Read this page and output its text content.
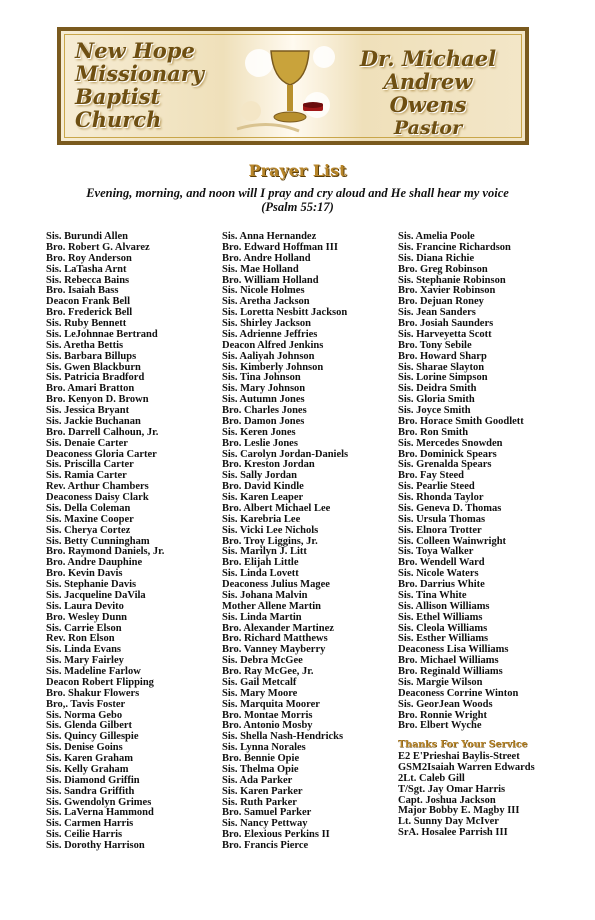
New Hope
Missionary
Baptist
Church
Dr. Michael
Andrew Owens
Pastor
Prayer List
Evening, morning, and noon will I pray and cry aloud and He shall hear my voice
(Psalm 55:17)
Sis. Burundi Allen
Bro. Robert G. Alvarez
Bro. Roy Anderson
Sis. LaTasha Arnt
Sis. Rebecca Bains
Bro. Isaiah Bass
Deacon Frank Bell
Bro. Frederick Bell
Sis. Ruby Bennett
Sis. LeJohnnae Bertrand
Sis. Aretha Bettis
Sis. Barbara Billups
Sis. Gwen Blackburn
Sis. Patricia Bradford
Bro. Amari Bratton
Bro. Kenyon D. Brown
Sis. Jessica Bryant
Sis. Jackie Buchanan
Bro. Darrell Calhoun, Jr.
Sis. Denaie Carter
Deaconess Gloria Carter
Sis. Priscilla Carter
Sis. Ramia Carter
Rev. Arthur Chambers
Deaconess Daisy Clark
Sis. Della Coleman
Sis. Maxine Cooper
Sis. Cherya Cortez
Sis. Betty Cunningham
Bro. Raymond Daniels, Jr.
Bro. Andre Dauphine
Bro. Kevin Davis
Sis. Stephanie Davis
Sis. Jacqueline DaVila
Sis. Laura Devito
Bro. Wesley Dunn
Sis. Carrie Elson
Rev. Ron Elson
Sis. Linda Evans
Sis. Mary Fairley
Sis. Madeline Farlow
Deacon Robert Flipping
Bro. Shakur Flowers
Bro,. Tavis Foster
Sis. Norma Gebo
Sis. Glenda Gilbert
Sis. Quincy Gillespie
Sis. Denise Goins
Sis. Karen Graham
Sis. Kelly Graham
Sis. Diamond Griffin
Sis. Sandra Griffith
Sis. Gwendolyn Grimes
Sis. LaVerna Hammond
Sis. Carmen Harris
Sis. Ceilie Harris
Sis. Dorothy Harrison
Sis. Anna Hernandez
Bro. Edward Hoffman III
Bro. Andre Holland
Sis. Mae Holland
Bro. William Holland
Sis. Nicole Holmes
Sis. Aretha Jackson
Sis. Loretta Nesbitt Jackson
Sis. Shirley Jackson
Sis. Adrienne Jeffries
Deacon Alfred Jenkins
Sis. Aaliyah Johnson
Sis. Kimberly Johnson
Sis. Tina Johnson
Sis. Mary Johnson
Sis. Autumn Jones
Bro. Charles Jones
Bro. Damon Jones
Sis. Keren Jones
Bro. Leslie Jones
Sis. Carolyn Jordan-Daniels
Bro. Kreston Jordan
Sis. Sally Jordan
Bro. David Kindle
Sis. Karen Leaper
Bro. Albert Michael Lee
Sis. Karebria Lee
Sis. Vicki Lee Nichols
Bro. Troy Liggins, Jr.
Sis. Marilyn J. Litt
Bro. Elijah Little
Sis. Linda Lovett
Deaconess Julius Magee
Sis. Johana Malvin
Mother Allene Martin
Sis. Linda Martin
Bro. Alexander Martinez
Bro. Richard Matthews
Bro. Vanney Mayberry
Sis. Debra McGee
Bro. Ray McGee, Jr.
Sis. Gail Metcalf
Sis. Mary Moore
Sis. Marquita Moorer
Bro. Montae Morris
Bro. Antonio Mosby
Sis. Shella Nash-Hendricks
Sis. Lynna Norales
Bro. Bennie Opie
Sis. Thelma Opie
Sis. Ada Parker
Sis. Karen Parker
Sis. Ruth Parker
Bro. Samuel Parker
Sis. Nancy Pettway
Bro. Elexious Perkins II
Bro. Francis Pierce
Sis. Amelia Poole
Sis. Francine Richardson
Sis. Diana Richie
Bro. Greg Robinson
Sis. Stephanie Robinson
Bro. Xavier Robinson
Bro. Dejuan Roney
Sis. Jean Sanders
Bro. Josiah Saunders
Sis. Harveyetta Scott
Bro. Tony Sebile
Bro. Howard Sharp
Sis. Sharae Slayton
Sis. Lorine Simpson
Sis. Deidra Smith
Sis. Gloria Smith
Sis. Joyce Smith
Bro. Horace Smith Goodlett
Bro. Ron Smith
Sis. Mercedes Snowden
Bro. Dominick Spears
Sis. Grenalda Spears
Bro. Fay Steed
Sis. Pearlie Steed
Sis. Rhonda Taylor
Sis. Geneva D. Thomas
Sis. Ursula Thomas
Sis. Elnora Trotter
Sis. Colleen Wainwright
Sis. Toya Walker
Bro. Wendell Ward
Sis. Nicole Waters
Bro. Darrius White
Sis. Tina White
Sis. Allison Williams
Sis. Ethel Williams
Sis. Cleola Williams
Sis. Esther Williams
Deaconess Lisa Williams
Bro. Michael Williams
Bro. Reginald Williams
Sis. Margie Wilson
Deaconess Corrine Winton
Sis. GeorJean Woods
Bro. Ronnie Wright
Bro. Elbert Wyche
Thanks For Your Service
E2 E'Prieshai Baylis-Street
GSM2Isaiah Warren Edwards
2Lt. Caleb Gill
T/Sgt. Jay Omar Harris
Capt. Joshua Jackson
Major Bobby E. Magby III
Lt. Sunny Day McIver
SrA. Hosalee Parrish III
